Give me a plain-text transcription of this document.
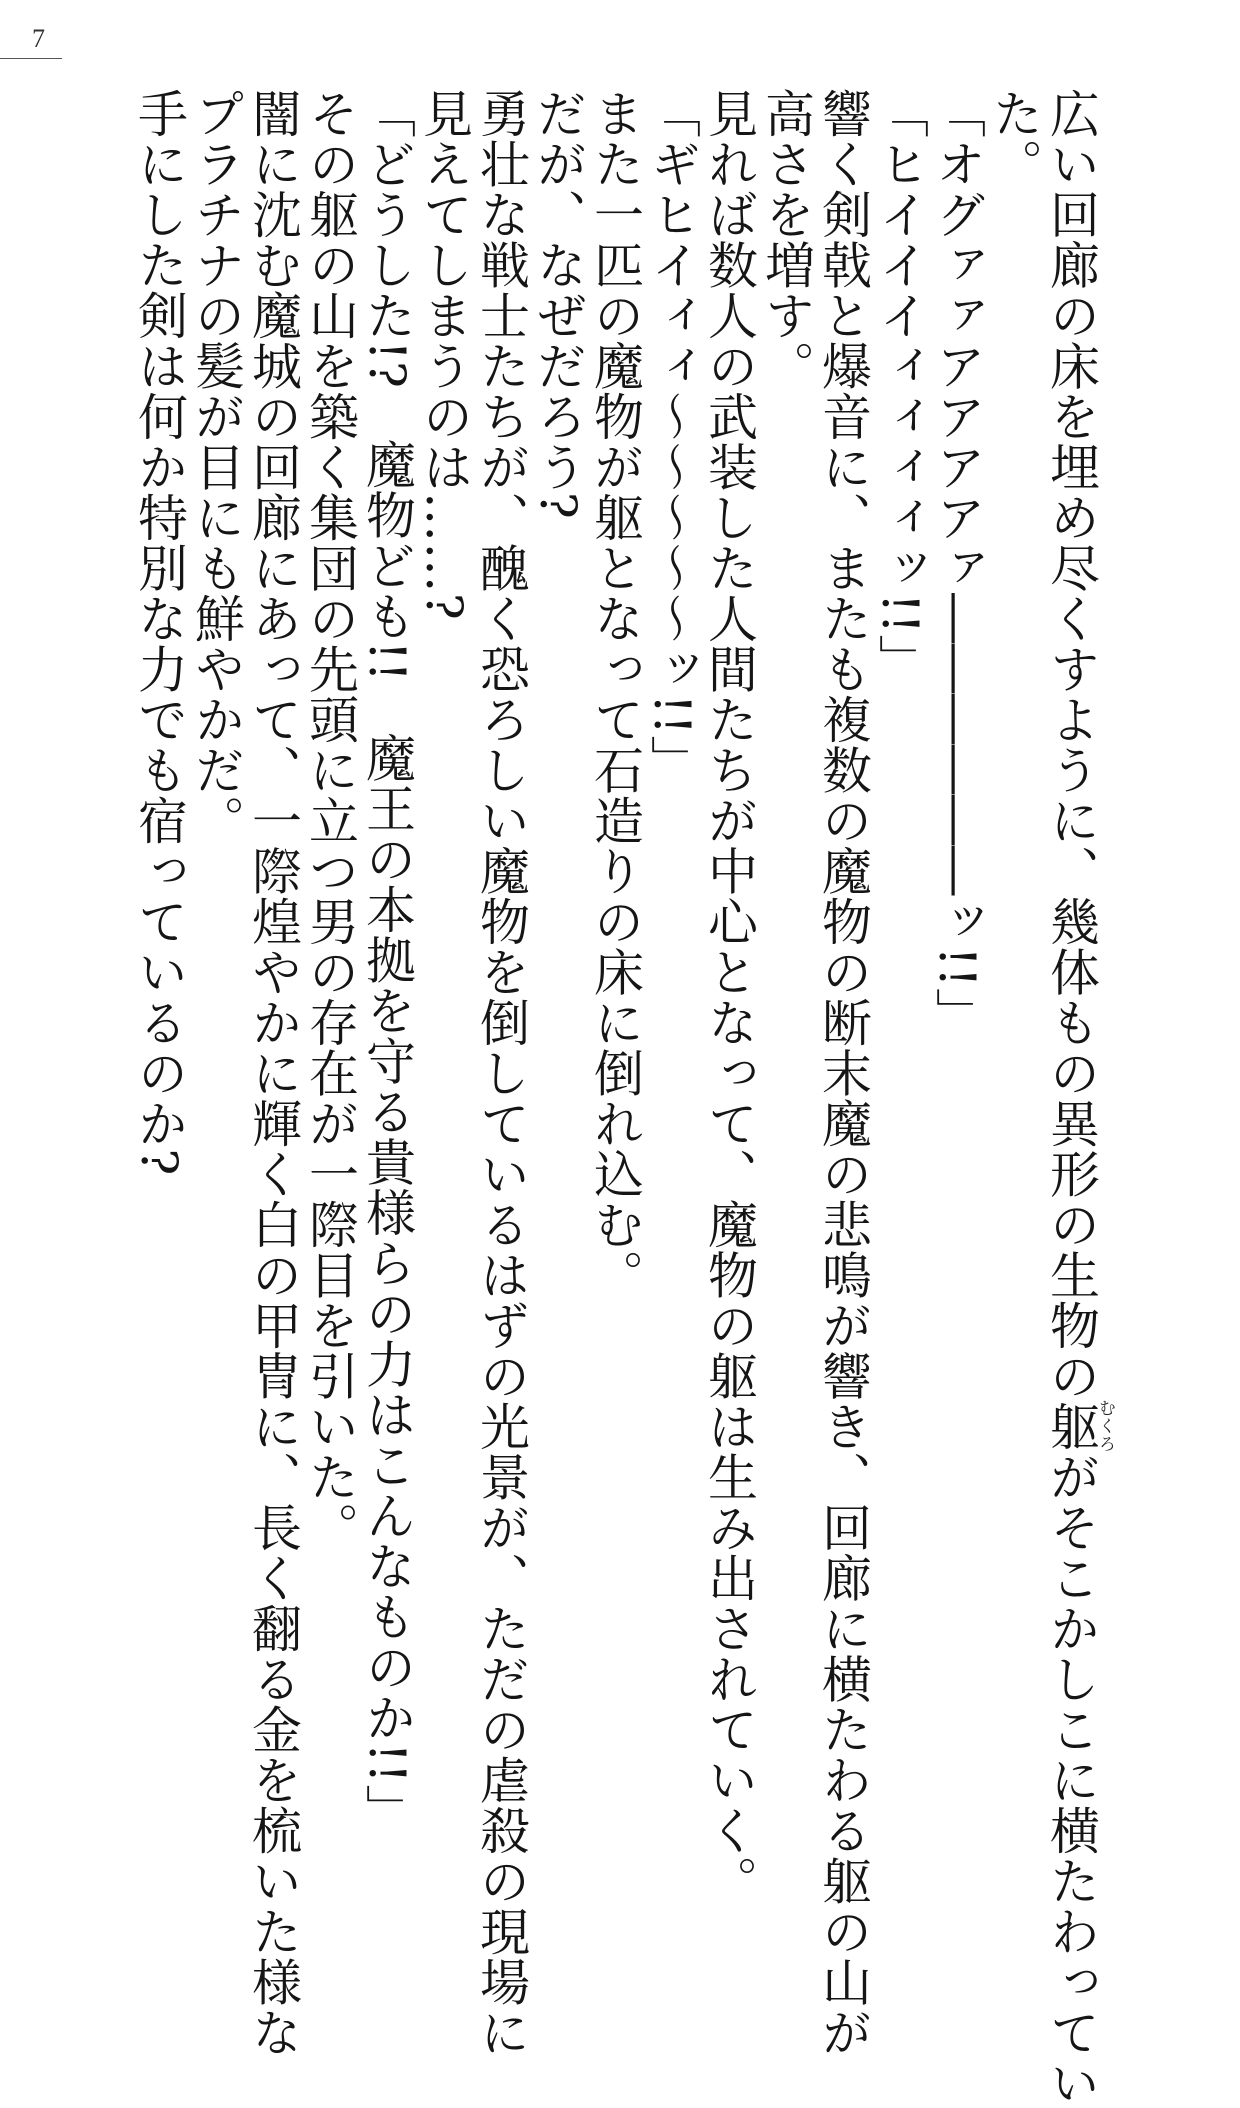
7
広い回廊の床を埋め尽くすように、幾体もの異形の生物の躯むくろがそこかしこに横たわってい
た。
「オグァァアアアアァ――――――ッ!!」
「ヒイイイィィィィッ!!」
響く剣戟と爆音に、またも複数の魔物の断末魔の悲鳴が響き、回廊に横たわる躯の山が
高さを増す。
見れば数人の武装した人間たちが中心となって、魔物の躯は生み出されていく。
「ギヒイィィ～～～～～ッ!!」
また一匹の魔物が躯となって石造りの床に倒れ込む。
だが、なぜだろう?
勇壮な戦士たちが、醜く恐ろしい魔物を倒しているはずの光景が、ただの虐殺の現場に
見えてしまうのは……?
「どうした!?　魔物ども!!　魔王の本拠を守る貴様らの力はこんなものか!!」
その躯の山を築く集団の先頭に立つ男の存在が一際目を引いた。
闇に沈む魔城の回廊にあって、一際煌やかに輝く白の甲冑に、長く翻る金を梳いた様な
プラチナの髪が目にも鮮やかだ。
手にした剣は何か特別な力でも宿っているのか?
